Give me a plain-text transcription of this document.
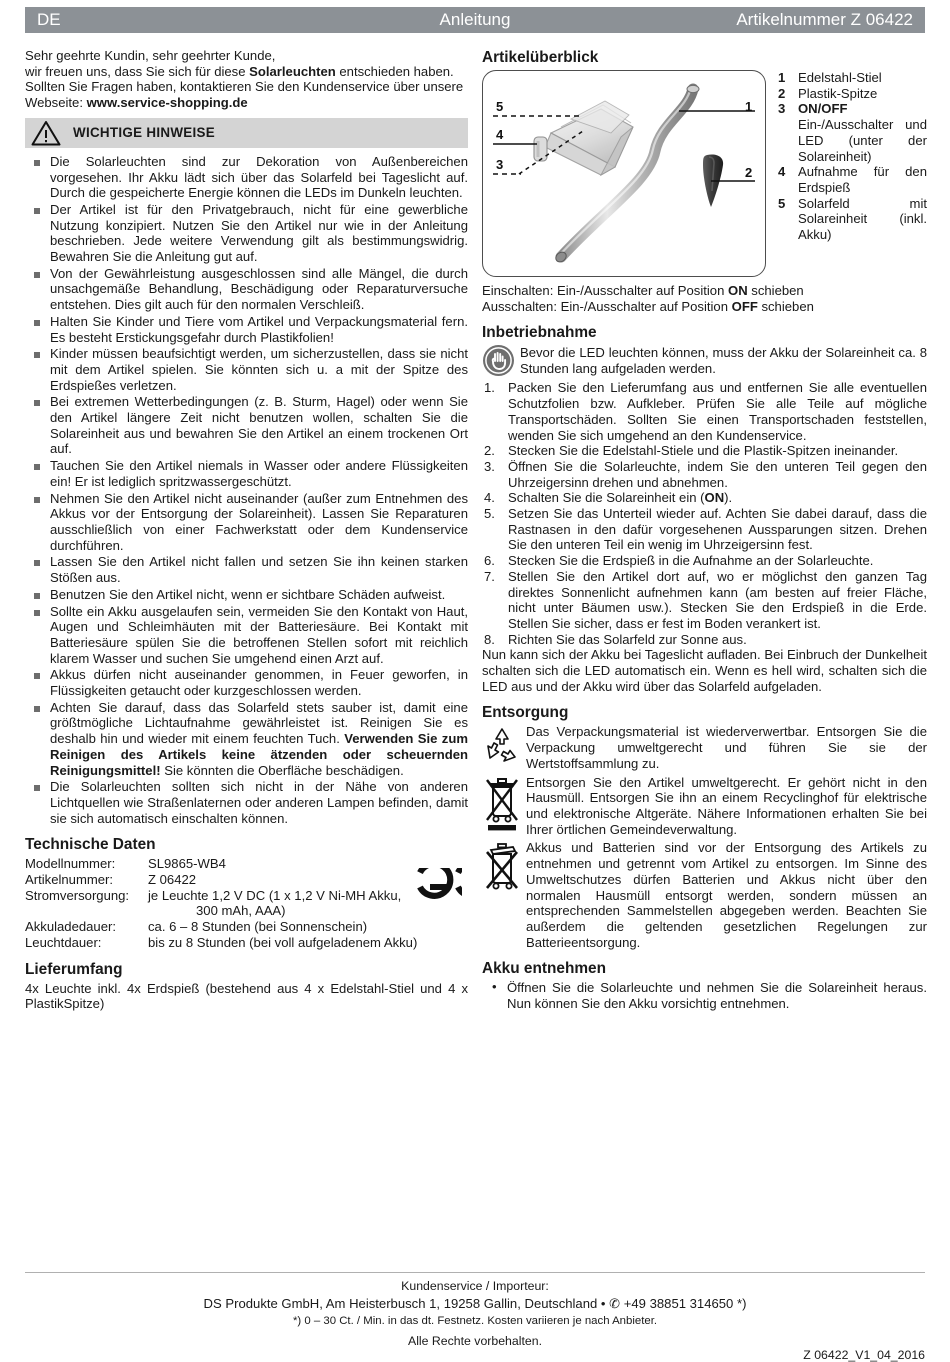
DE	Anleitung	Artikelnummer Z 06422

Sehr geehrte Kundin, sehr geehrter Kunde,

wir freuen uns, dass Sie sich für diese Solarleuchten entschieden haben. Sollten Sie Fragen haben, kontaktieren Sie den Kundenservice über unsere Webseite: www.service-shopping.de

WICHTIGE HINWEISE
Die Solarleuchten sind zur Dekoration von Außenbereichen vorgesehen. Ihr Akku lädt sich über das Solarfeld bei Tageslicht auf. Durch die gespeicherte Energie können die LEDs im Dunkeln leuchten.
Der Artikel ist für den Privatgebrauch, nicht für eine gewerbliche Nutzung konzipiert. Nutzen Sie den Artikel nur wie in der Anleitung beschrieben. Jede weitere Verwendung gilt als bestimmungswidrig. Bewahren Sie die Anleitung gut auf.
Von der Gewährleistung ausgeschlossen sind alle Mängel, die durch unsachgemäße Behandlung, Beschädigung oder Reparaturversuche entstehen. Dies gilt auch für den normalen Verschleiß.
Halten Sie Kinder und Tiere vom Artikel und Verpackungsmaterial fern. Es besteht Erstickungsgefahr durch Plastikfolien!
Kinder müssen beaufsichtigt werden, um sicherzustellen, dass sie nicht mit dem Artikel spielen. Sie könnten sich u. a mit der Spitze des Erdspießes verletzen.
Bei extremen Wetterbedingungen (z. B. Sturm, Hagel) oder wenn Sie den Artikel längere Zeit nicht benutzen wollen, schalten Sie die Solareinheit aus und bewahren Sie den Artikel an einem trockenen Ort auf.
Tauchen Sie den Artikel niemals in Wasser oder andere Flüssigkeiten ein! Er ist lediglich spritzwassergeschützt.
Nehmen Sie den Artikel nicht auseinander (außer zum Entnehmen des Akkus vor der Entsorgung der Solareinheit). Lassen Sie Reparaturen ausschließlich von einer Fachwerkstatt oder dem Kundenservice durchführen.
Lassen Sie den Artikel nicht fallen und setzen Sie ihn keinen starken Stößen aus.
Benutzen Sie den Artikel nicht, wenn er sichtbare Schäden aufweist.
Sollte ein Akku ausgelaufen sein, vermeiden Sie den Kontakt von Haut, Augen und Schleimhäuten mit der Batteriesäure. Bei Kontakt mit Batteriesäure spülen Sie die betroffenen Stellen sofort mit reichlich klarem Wasser und suchen Sie umgehend einen Arzt auf.
Akkus dürfen nicht auseinander genommen, in Feuer geworfen, in Flüssigkeiten getaucht oder kurzgeschlossen werden.
Achten Sie darauf, dass das Solarfeld stets sauber ist, damit eine größtmögliche Lichtaufnahme gewährleistet ist. Reinigen Sie es deshalb hin und wieder mit einem feuchten Tuch. Verwenden Sie zum Reinigen des Artikels keine ätzenden oder scheuernden Reinigungsmittel! Sie könnten die Oberfläche beschädigen.
Die Solarleuchten sollten sich nicht in der Nähe von anderen Lichtquellen wie Straßenlaternen oder anderen Lampen befinden, damit sie sich automatisch einschalten können.
Technische Daten
Modellnummer:	SL9865-WB4
Artikelnummer:	Z 06422
Stromversorgung:	je Leuchte 1,2 V DC (1 x 1,2 V Ni-MH Akku,
300 mAh, AAA)
Akkuladedauer:	ca. 6 – 8 Stunden (bei Sonnenschein)
Leuchtdauer:	bis zu 8 Stunden (bei voll aufgeladenem Akku)
Lieferumfang

4x Leuchte inkl. 4x Erdspieß (bestehend aus 4 x Edelstahl-Stiel und 4 x PlastikSpitze)

Artikelüberblick
5
4
3
1
2
1 Edelstahl-Stiel
2 Plastik-Spitze
3 ON/OFF Ein-/Ausschalter und LED (unter der Solareinheit)
4 Aufnahme für den Erdspieß
5 Solarfeld mit Solareinheit (inkl. Akku)
Einschalten: Ein-/Ausschalter auf Position ON schieben
Ausschalten: Ein-/Ausschalter auf Position OFF schieben
Inbetriebnahme
Bevor die LED leuchten können, muss der Akku der Solareinheit ca. 8 Stunden lang aufgeladen werden.
Packen Sie den Lieferumfang aus und entfernen Sie alle eventuellen Schutzfolien bzw. Aufkleber. Prüfen Sie alle Teile auf mögliche Transportschäden. Sollten Sie einen Transportschaden feststellen, wenden Sie sich umgehend an den Kundenservice.
Stecken Sie die Edelstahl-Stiele und die Plastik-Spitzen ineinander.
Öffnen Sie die Solarleuchte, indem Sie den unteren Teil gegen den Uhrzeigersinn drehen und abnehmen.
Schalten Sie die Solareinheit ein (ON).
Setzen Sie das Unterteil wieder auf. Achten Sie dabei darauf, dass die Rastnasen in den dafür vorgesehenen Aussparungen sitzen. Drehen Sie den unteren Teil ein wenig im Uhrzeigersinn fest.
Stecken Sie die Erdspieß in die Aufnahme an der Solarleuchte.
Stellen Sie den Artikel dort auf, wo er möglichst den ganzen Tag direktes Sonnenlicht aufnehmen kann (am besten auf freier Fläche, nicht unter Bäumen usw.). Stecken Sie den Erdspieß in die Erde. Stellen Sie sicher, dass er fest im Boden verankert ist.
Richten Sie das Solarfeld zur Sonne aus.

Nun kann sich der Akku bei Tageslicht aufladen. Bei Einbruch der Dunkelheit schalten sich die LED automatisch ein. Wenn es hell wird, schalten sich die LED aus und der Akku wird über das Solarfeld aufgeladen.

Entsorgung
Das Verpackungsmaterial ist wiederverwertbar. Entsorgen Sie die Verpackung umweltgerecht und führen Sie sie der Wertstoffsammlung zu.
Entsorgen Sie den Artikel umweltgerecht. Er gehört nicht in den Hausmüll. Entsorgen Sie ihn an einem Recyclinghof für elektrische und elektronische Altgeräte. Nähere Informationen erhalten Sie bei Ihrer örtlichen Gemeindeverwaltung.
Akkus und Batterien sind vor der Entsorgung des Artikels zu entnehmen und getrennt vom Artikel zu entsorgen. Im Sinne des Umweltschutzes dürfen Batterien und Akkus nicht über den normalen Hausmüll entsorgt werden, sondern müssen an entsprechenden Sammelstellen abgegeben werden. Beachten Sie außerdem die geltenden gesetzlichen Regelungen zur Batterieentsorgung.
Akku entnehmen
• Öffnen Sie die Solarleuchte und nehmen Sie die Solareinheit heraus. Nun können Sie den Akku vorsichtig entnehmen.
Kundenservice / Importeur:
DS Produkte GmbH, Am Heisterbusch 1, 19258 Gallin, Deutschland • ✆ +49 38851 314650 *)
*) 0 – 30 Ct. / Min. in das dt. Festnetz. Kosten variieren je nach Anbieter.
Alle Rechte vorbehalten.
Z 06422_V1_04_2016
